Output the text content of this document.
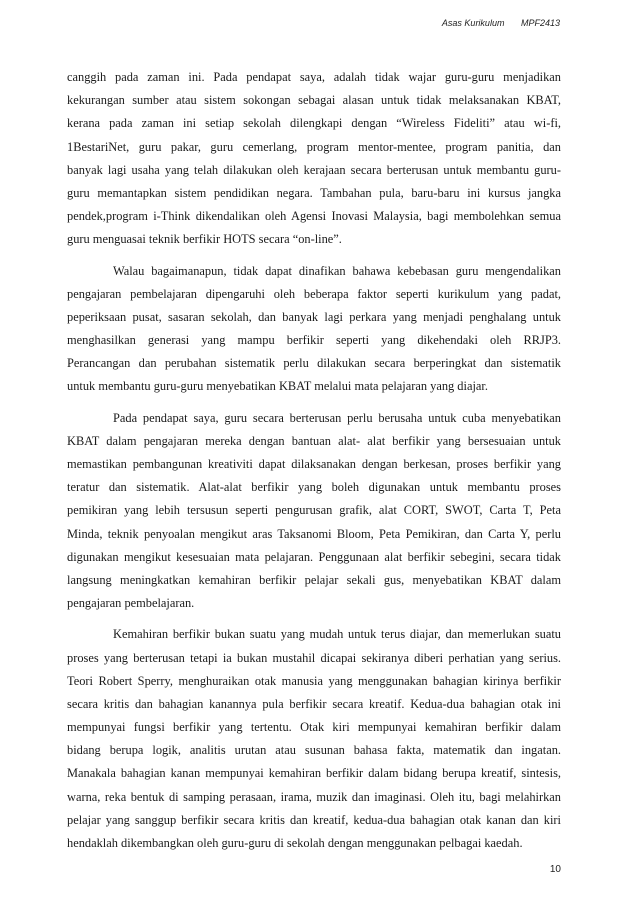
Asas Kurikulum MPF2413
canggih pada zaman ini. Pada pendapat saya, adalah tidak wajar guru-guru menjadikan
kekurangan sumber atau sistem sokongan sebagai alasan untuk tidak melaksanakan KBAT,
kerana pada zaman ini setiap sekolah dilengkapi dengan “Wireless Fideliti” atau wi-fi,
1BestariNet, guru pakar, guru cemerlang, program mentor-mentee, program panitia, dan
banyak lagi usaha yang telah dilakukan oleh kerajaan secara berterusan untuk membantu guru-
guru memantapkan sistem pendidikan negara. Tambahan pula, baru-baru ini kursus jangka
pendek,program i-Think dikendalikan oleh Agensi Inovasi Malaysia, bagi membolehkan semua
guru menguasai teknik berfikir HOTS secara “on-line”.
Walau bagaimanapun, tidak dapat dinafikan bahawa kebebasan guru mengendalikan
pengajaran pembelajaran dipengaruhi oleh beberapa faktor seperti kurikulum yang padat,
peperiksaan pusat, sasaran sekolah, dan banyak lagi perkara yang menjadi penghalang untuk
menghasilkan generasi yang mampu berfikir seperti yang dikehendaki oleh RRJP3.
Perancangan dan perubahan sistematik perlu dilakukan secara berperingkat dan sistematik
untuk membantu guru-guru menyebatikan KBAT melalui mata pelajaran yang diajar.
Pada pendapat saya, guru secara berterusan perlu berusaha untuk cuba menyebatikan
KBAT dalam pengajaran mereka dengan bantuan alat- alat berfikir yang bersesuaian untuk
memastikan pembangunan kreativiti dapat dilaksanakan dengan berkesan, proses berfikir yang
teratur dan sistematik. Alat-alat berfikir yang boleh digunakan untuk membantu proses
pemikiran yang lebih tersusun seperti pengurusan grafik, alat CORT, SWOT, Carta T, Peta
Minda, teknik penyoalan mengikut aras Taksanomi Bloom, Peta Pemikiran, dan Carta Y, perlu
digunakan mengikut kesesuaian mata pelajaran. Penggunaan alat berfikir sebegini, secara tidak
langsung meningkatkan kemahiran berfikir pelajar sekali gus, menyebatikan KBAT dalam
pengajaran pembelajaran.
Kemahiran berfikir bukan suatu yang mudah untuk terus diajar, dan memerlukan suatu
proses yang berterusan tetapi ia bukan mustahil dicapai sekiranya diberi perhatian yang serius.
Teori Robert Sperry, menghuraikan otak manusia yang menggunakan bahagian kirinya berfikir
secara kritis dan bahagian kanannya pula berfikir secara kreatif. Kedua-dua bahagian otak ini
mempunyai fungsi berfikir yang tertentu. Otak kiri mempunyai kemahiran berfikir dalam
bidang berupa logik, analitis urutan atau susunan bahasa fakta, matematik dan ingatan.
Manakala bahagian kanan mempunyai kemahiran berfikir dalam bidang berupa kreatif, sintesis,
warna, reka bentuk di samping perasaan, irama, muzik dan imaginasi. Oleh itu, bagi melahirkan
pelajar yang sanggup berfikir secara kritis dan kreatif, kedua-dua bahagian otak kanan dan kiri
hendaklah dikembangkan oleh guru-guru di sekolah dengan menggunakan pelbagai kaedah.
10
